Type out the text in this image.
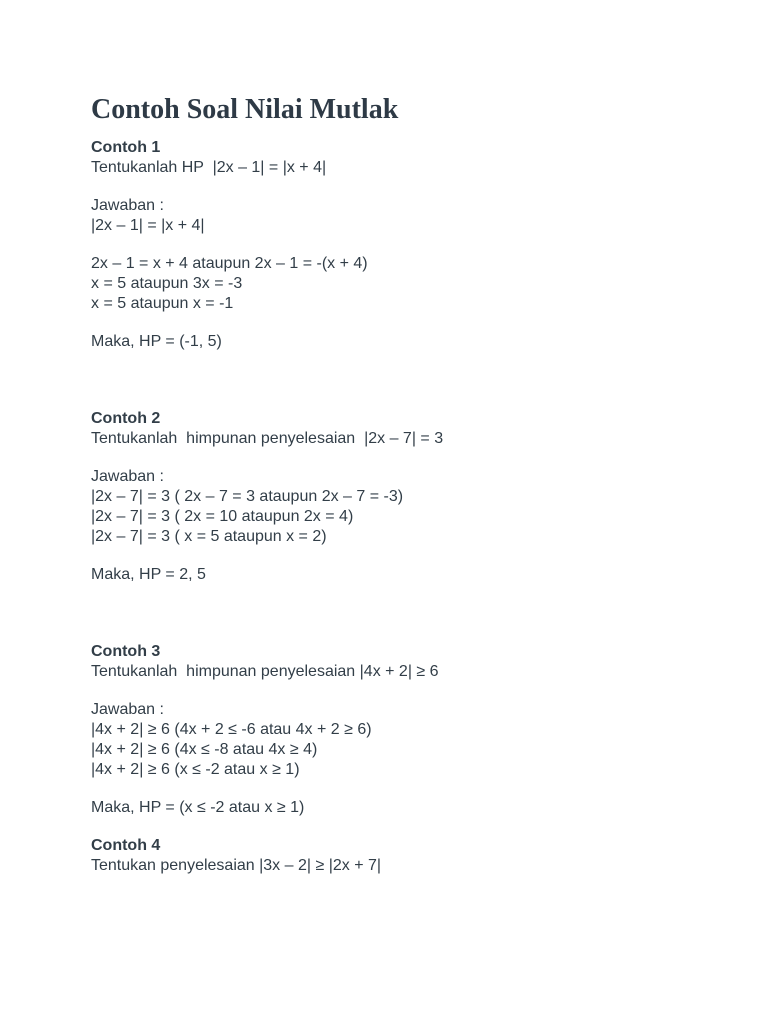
Contoh Soal Nilai Mutlak

Contoh 1

Tentukanlah HP  |2x – 1| = |x + 4|

Jawaban :

|2x – 1| = |x + 4|

2x – 1 = x + 4 ataupun 2x – 1 = -(x + 4)

x = 5 ataupun 3x = -3

x = 5 ataupun x = -1

Maka, HP = (-1, 5)

Contoh 2

Tentukanlah  himpunan penyelesaian  |2x – 7| = 3

Jawaban :

|2x – 7| = 3 ( 2x – 7 = 3 ataupun 2x – 7 = -3)

|2x – 7| = 3 ( 2x = 10 ataupun 2x = 4)

|2x – 7| = 3 ( x = 5 ataupun x = 2)

Maka, HP = 2, 5

Contoh 3

Tentukanlah  himpunan penyelesaian |4x + 2| ≥ 6

Jawaban :

|4x + 2| ≥ 6 (4x + 2 ≤ -6 atau 4x + 2 ≥ 6)

|4x + 2| ≥ 6 (4x ≤ -8 atau 4x ≥ 4)

|4x + 2| ≥ 6 (x ≤ -2 atau x ≥ 1)

Maka, HP = (x ≤ -2 atau x ≥ 1)

Contoh 4

Tentukan penyelesaian |3x – 2| ≥ |2x + 7|
